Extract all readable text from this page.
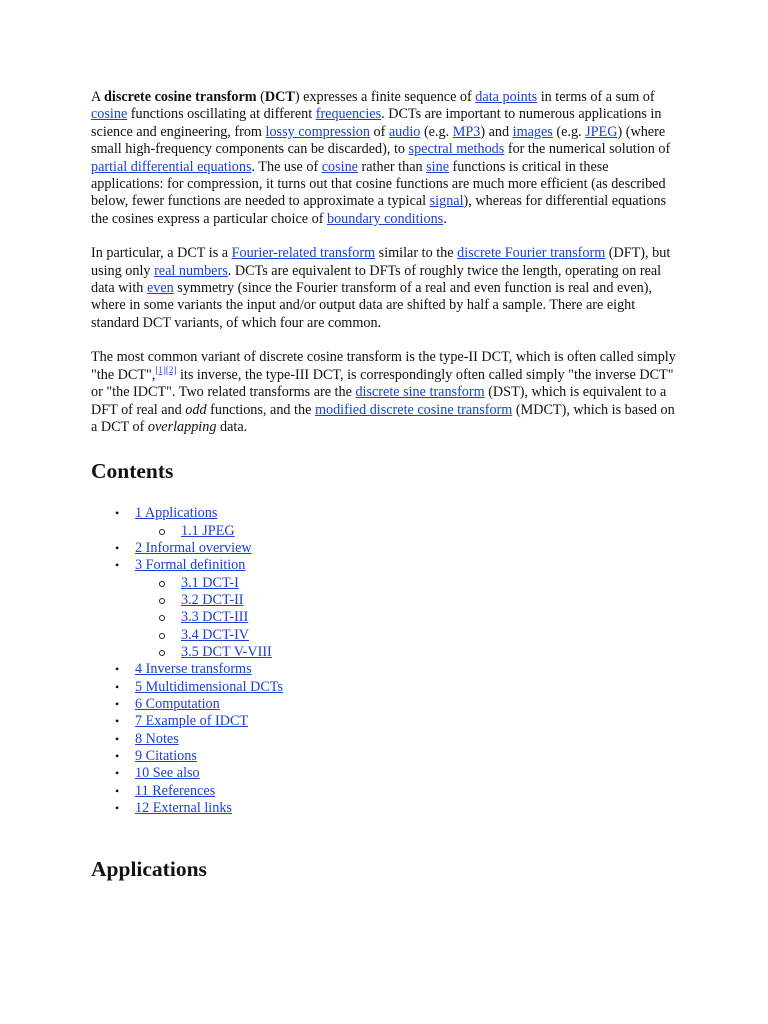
A discrete cosine transform (DCT) expresses a finite sequence of data points in terms of a sum of cosine functions oscillating at different frequencies. DCTs are important to numerous applications in science and engineering, from lossy compression of audio (e.g. MP3) and images (e.g. JPEG) (where small high-frequency components can be discarded), to spectral methods for the numerical solution of partial differential equations. The use of cosine rather than sine functions is critical in these applications: for compression, it turns out that cosine functions are much more efficient (as described below, fewer functions are needed to approximate a typical signal), whereas for differential equations the cosines express a particular choice of boundary conditions.

In particular, a DCT is a Fourier-related transform similar to the discrete Fourier transform (DFT), but using only real numbers. DCTs are equivalent to DFTs of roughly twice the length, operating on real data with even symmetry (since the Fourier transform of a real and even function is real and even), where in some variants the input and/or output data are shifted by half a sample. There are eight standard DCT variants, of which four are common.

The most common variant of discrete cosine transform is the type-II DCT, which is often called simply "the DCT",[1][2] its inverse, the type-III DCT, is correspondingly often called simply "the inverse DCT" or "the IDCT". Two related transforms are the discrete sine transform (DST), which is equivalent to a DFT of real and odd functions, and the modified discrete cosine transform (MDCT), which is based on a DCT of overlapping data.

Contents
• 1 Applications
1.1 JPEG
• 2 Informal overview
• 3 Formal definition
3.1 DCT-I
3.2 DCT-II
3.3 DCT-III
3.4 DCT-IV
3.5 DCT V-VIII
• 4 Inverse transforms
• 5 Multidimensional DCTs
• 6 Computation
• 7 Example of IDCT
• 8 Notes
• 9 Citations
• 10 See also
• 11 References
• 12 External links
Applications
